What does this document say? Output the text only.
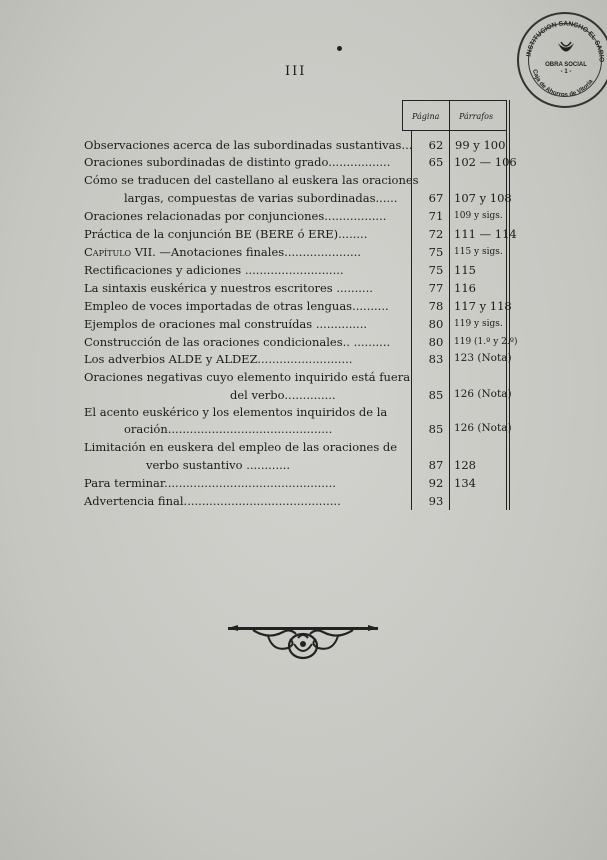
III
INSTITUCION SANCHO EL SABIO
Caja de Ahorros de Vitoria
OBRA SOCIAL
- 1 -
Página Párrafos
Observaciones acerca de las subordinadas sustantivas...	62	99 y 100
Oraciones subordinadas de distinto grado.................	65 102 — 106
Cómo se traducen del castellano al euskera las oraciones
largas, compuestas de varias subordinadas......	67 107 y 108
Oraciones relacionadas por conjunciones.................	71	109 y sigs.
Práctica de la conjunción BE (BERE ó ERE)........	72 111 — 114
Capítulo VII. —Anotaciones finales.....................	75	115 y sigs.
Rectificaciones y adiciones ...........................	75 115
La sintaxis euskérica y nuestros escritores ..........	77 116
Empleo de voces importadas de otras lenguas..........	78 117 y 118
Ejemplos de oraciones mal construídas ..............	80	119 y sigs.
Construcción de las oraciones condicionales.. ..........	80	119 (1.º y 2.º)
Los adverbios ALDE y ALDEZ..........................	83	123 (Nota)
Oraciones negativas cuyo elemento inquirido está fuera
del verbo..............	85	126 (Nota)
El acento euskérico y los elementos inquiridos de la
oración.............................................	85	126 (Nota)
Limitación en euskera del empleo de las oraciones de
verbo sustantivo ............	87 128
Para terminar...............................................	92 134
Advertencia final...........................................	93
